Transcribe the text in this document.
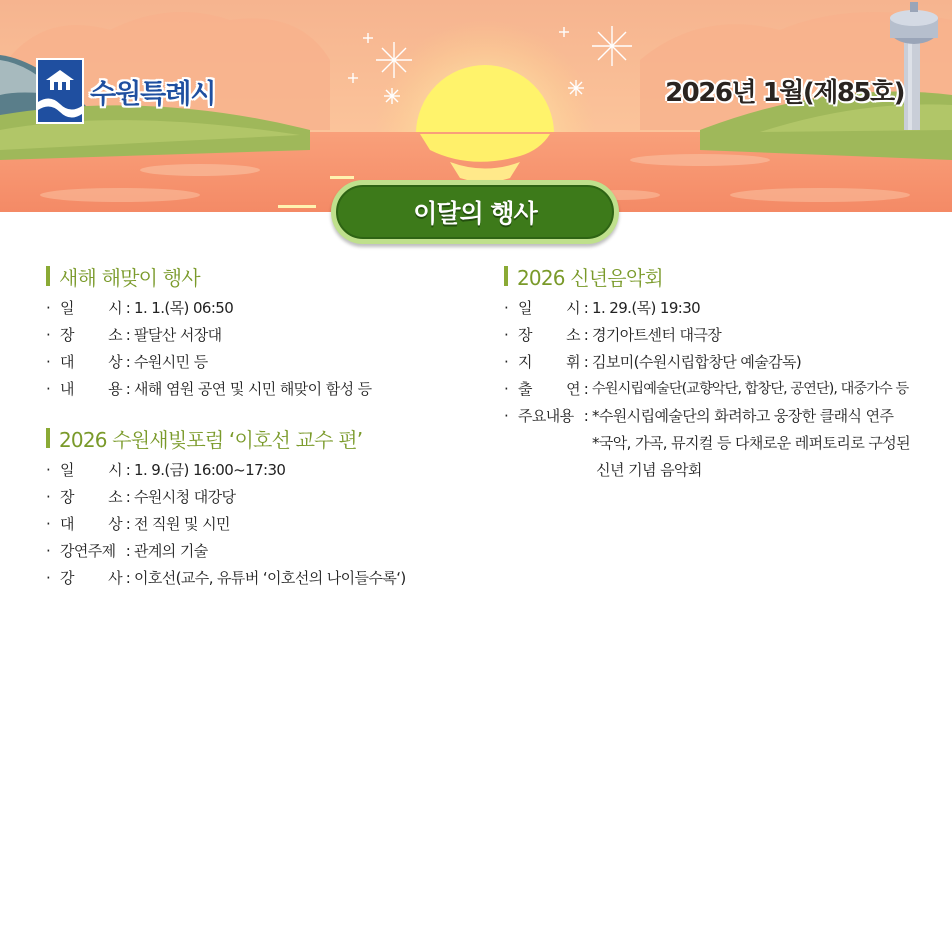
수원특례시	2026년 1월(제85호)
이달의 행사
새해 해맞이 행사
· 일 시 : 1. 1.(목) 06:50
· 장 소 : 팔달산 서장대
· 대 상 : 수원시민 등
· 내 용 : 새해 염원 공연 및 시민 해맞이 함성 등
2026 수원새빛포럼 ‘이호선 교수 편’
· 일 시 : 1. 9.(금) 16:00~17:30
· 장 소 : 수원시청 대강당
· 대 상 : 전 직원 및 시민
· 강연주제 : 관계의 기술
· 강 사 : 이호선(교수, 유튜버 ‘이호선의 나이들수록‘)
2026 신년음악회
· 일 시 : 1. 29.(목) 19:30
· 장 소 : 경기아트센터 대극장
· 지 휘 : 김보미(수원시립합창단 예술감독)
· 출 연 : 수원시립예술단(교향악단, 합창단, 공연단), 대중가수 등
· 주요내용 : *수원시립예술단의 화려하고 웅장한 클래식 연주
*국악, 가곡, 뮤지컬 등 다채로운 레퍼토리로 구성된
신년 기념 음악회
